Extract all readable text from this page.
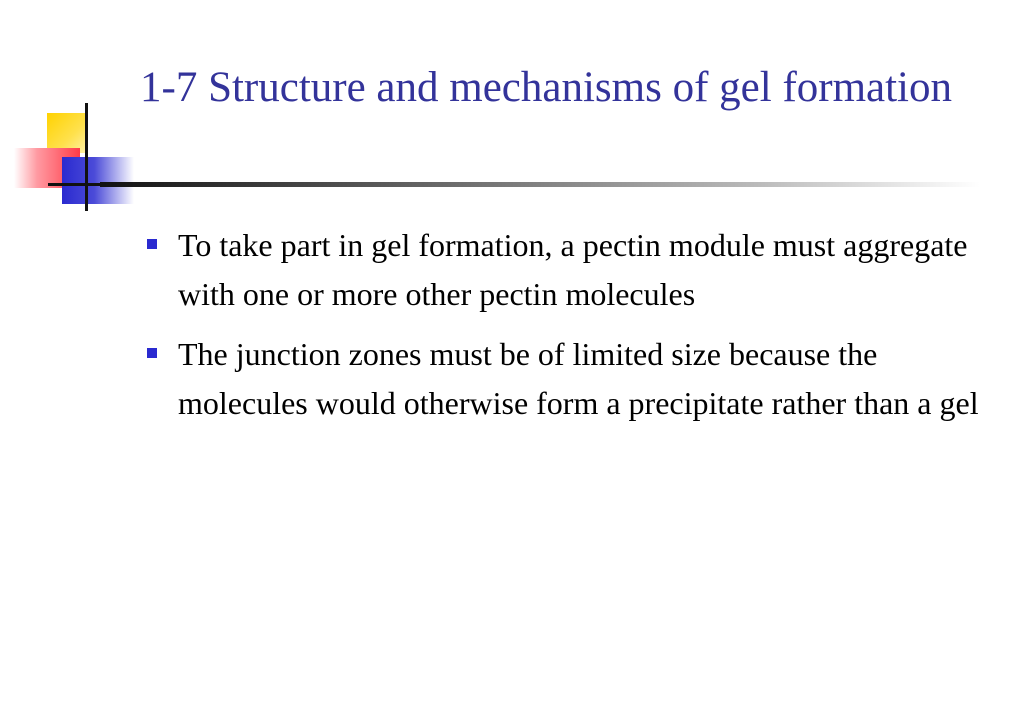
1-7 Structure and mechanisms of gel formation
To take part in gel formation, a pectin module must aggregate with one or more other pectin molecules
The junction zones must be of limited size because the molecules would otherwise form a precipitate rather than a gel
